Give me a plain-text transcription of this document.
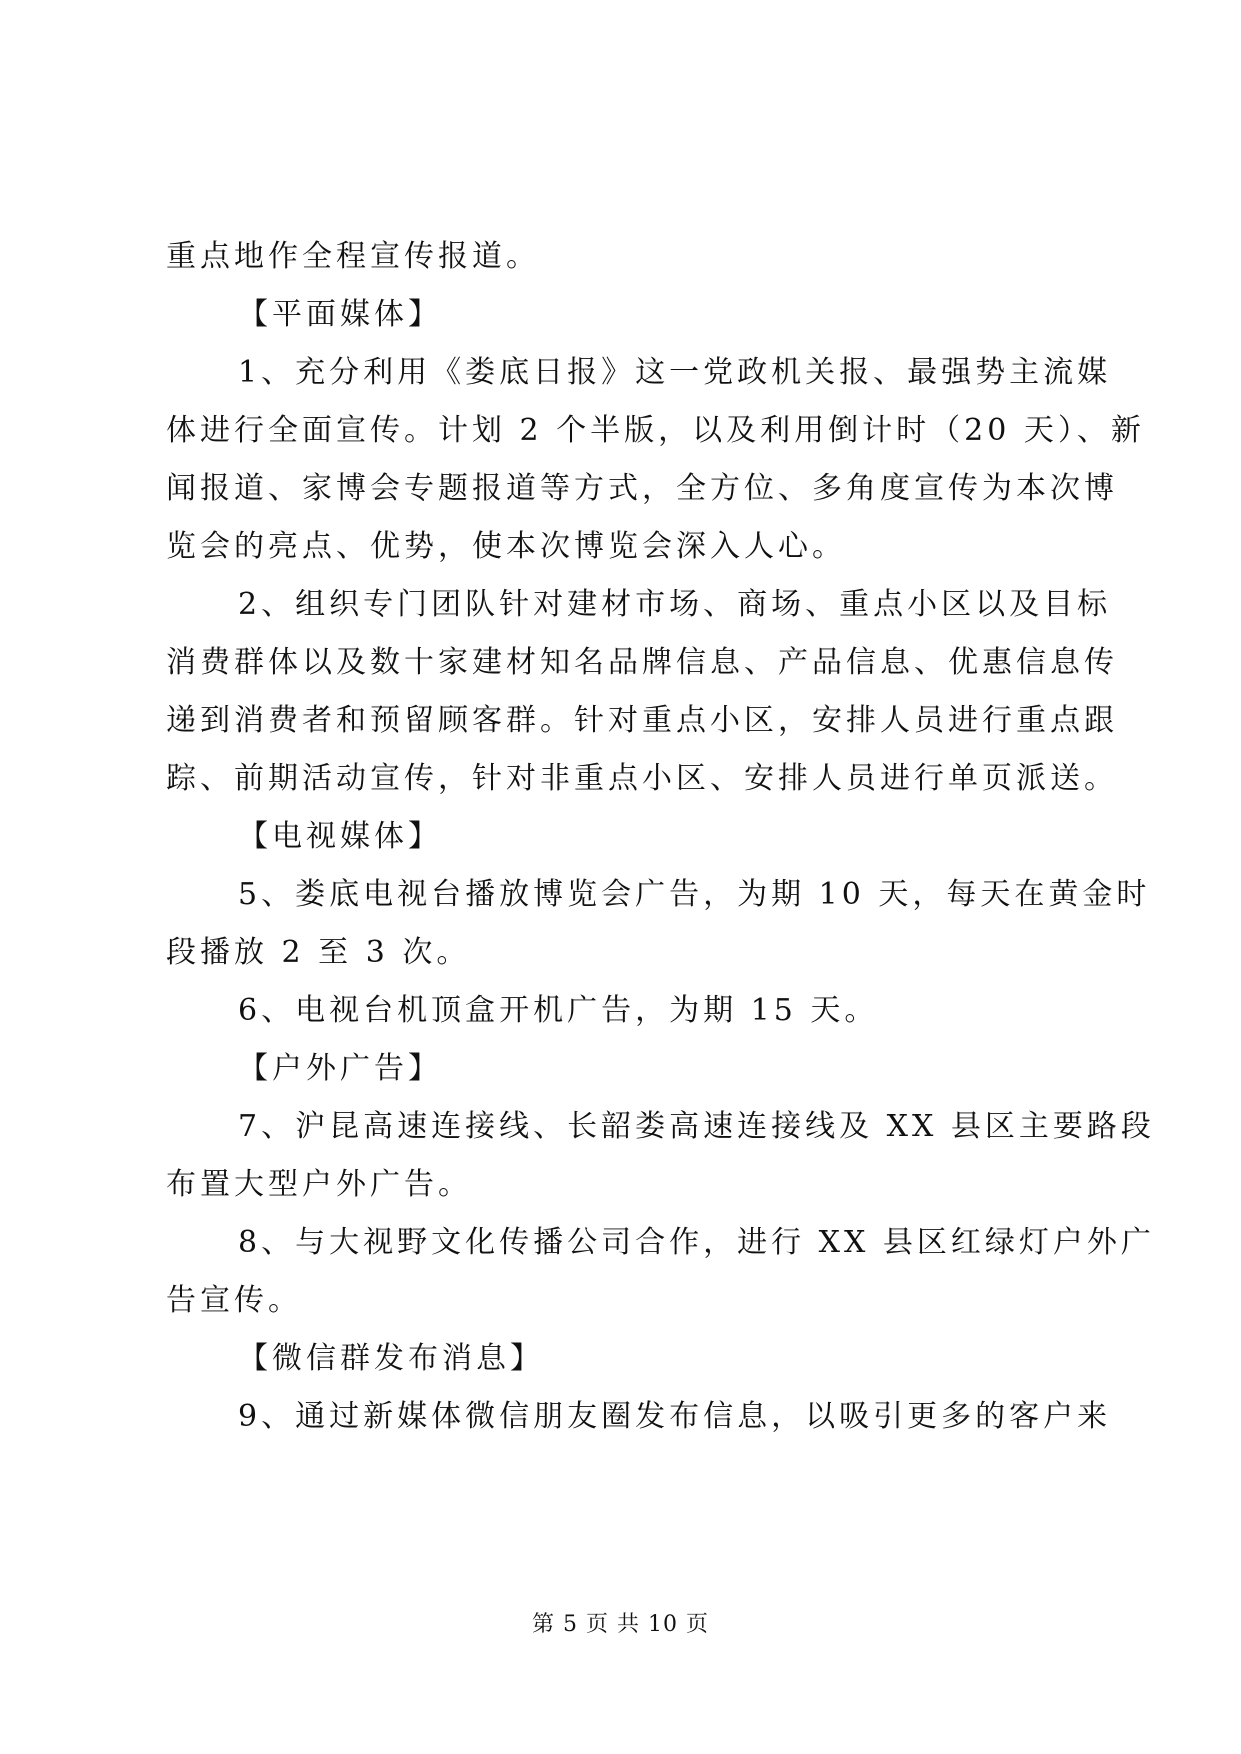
重点地作全程宣传报道。
【平面媒体】
1、充分利用《娄底日报》这一党政机关报、最强势主流媒
体进行全面宣传。计划 2 个半版，以及利用倒计时（20 天）、新
闻报道、家博会专题报道等方式，全方位、多角度宣传为本次博
览会的亮点、优势，使本次博览会深入人心。
2、组织专门团队针对建材市场、商场、重点小区以及目标
消费群体以及数十家建材知名品牌信息、产品信息、优惠信息传
递到消费者和预留顾客群。针对重点小区，安排人员进行重点跟
踪、前期活动宣传，针对非重点小区、安排人员进行单页派送。
【电视媒体】
5、娄底电视台播放博览会广告，为期 10 天，每天在黄金时
段播放 2 至 3 次。
6、电视台机顶盒开机广告，为期 15 天。
【户外广告】
7、沪昆高速连接线、长韶娄高速连接线及 XX 县区主要路段
布置大型户外广告。
8、与大视野文化传播公司合作，进行 XX 县区红绿灯户外广
告宣传。
【微信群发布消息】
9、通过新媒体微信朋友圈发布信息，以吸引更多的客户来
第 5 页 共 10 页
